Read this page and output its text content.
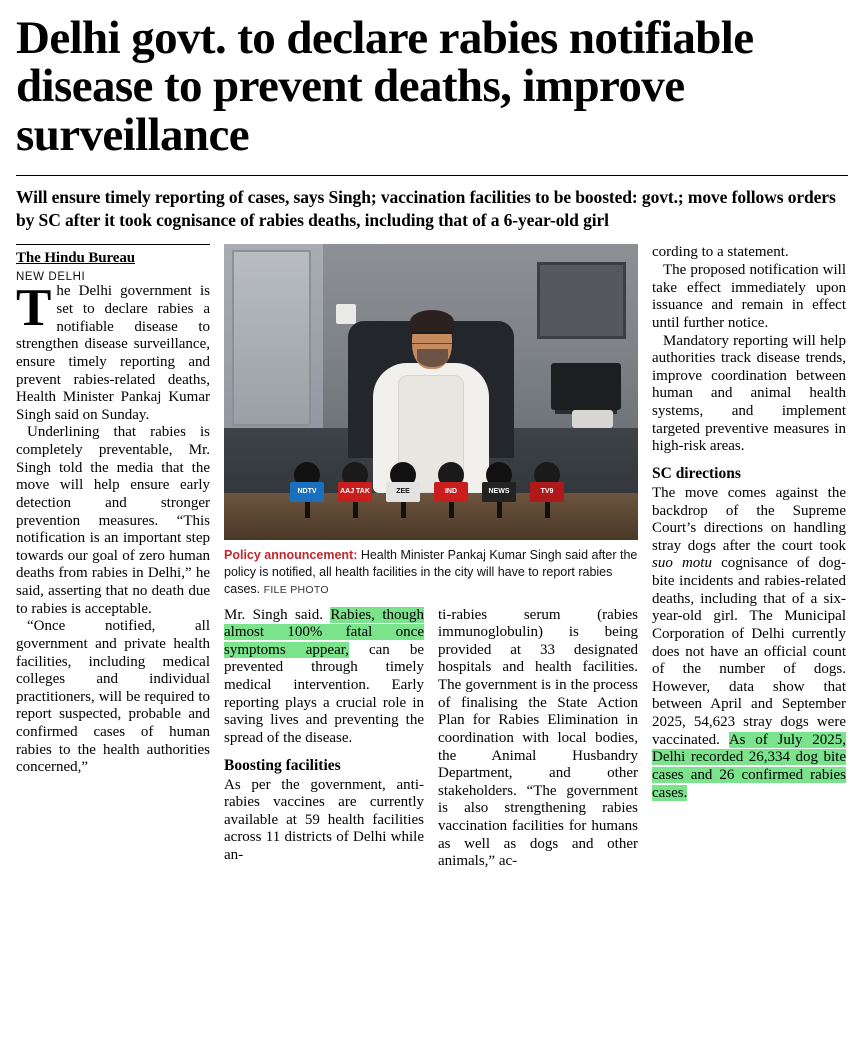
Delhi govt. to declare rabies notifiable disease to prevent deaths, improve surveillance
Will ensure timely reporting of cases, says Singh; vaccination facilities to be boosted: govt.; move follows orders by SC after it took cognisance of rabies deaths, including that of a 6-year-old girl
The Hindu Bureau
NEW DELHI

The Delhi government is set to declare rabies a notifiable disease to strengthen disease surveillance, ensure timely reporting and prevent rabies-related deaths, Health Minister Pankaj Kumar Singh said on Sunday.

Underlining that rabies is completely preventable, Mr. Singh told the media that the move will help ensure early detection and stronger prevention measures. “This notification is an important step towards our goal of zero human deaths from rabies in Delhi,” he said, asserting that no death due to rabies is acceptable.

“Once notified, all government and private health facilities, including medical colleges and individual practitioners, will be required to report suspected, probable and confirmed cases of human rabies to the health authorities concerned,”

NDTV	AAJ TAK	ZEE	IND	NEWS	TV9
Policy announcement: Health Minister Pankaj Kumar Singh said after the policy is notified, all health facilities in the city will have to report rabies cases. FILE PHOTO

Mr. Singh said. Rabies, though almost 100% fatal once symptoms appear, can be prevented through timely medical intervention. Early reporting plays a crucial role in saving lives and preventing the spread of the disease.

Boosting facilities

As per the government, anti-rabies vaccines are currently available at 59 health facilities across 11 districts of Delhi while an-

ti-rabies serum (rabies immunoglobulin) is being provided at 33 designated hospitals and health facilities. The government is in the process of finalising the State Action Plan for Rabies Elimination in coordination with local bodies, the Animal Husbandry Department, and other stakeholders. “The government is also strengthening rabies vaccination facilities for humans as well as dogs and other animals,” ac-

cording to a statement.

The proposed notification will take effect immediately upon issuance and remain in effect until further notice.

Mandatory reporting will help authorities track disease trends, improve coordination between human and animal health systems, and implement targeted preventive measures in high-risk areas.

SC directions

The move comes against the backdrop of the Supreme Court’s directions on handling stray dogs after the court took suo motu cognisance of dog-bite incidents and rabies-related deaths, including that of a six-year-old girl. The Municipal Corporation of Delhi currently does not have an official count of the number of dogs. However, data show that between April and September 2025, 54,623 stray dogs were vaccinated. As of July 2025, Delhi recorded 26,334 dog bite cases and 26 confirmed rabies cases.
